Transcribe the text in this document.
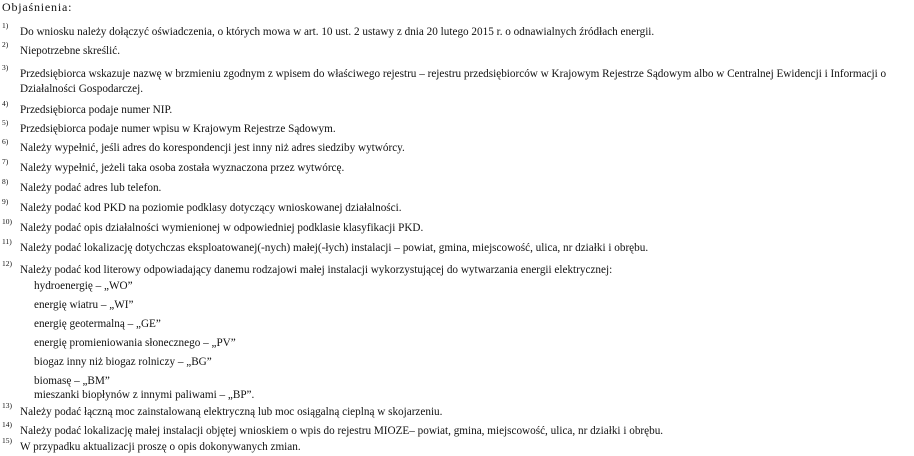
Objaśnienia:
1)
Do wniosku należy dołączyć oświadczenia, o których mowa w art. 10 ust. 2 ustawy z dnia 20 lutego 2015 r. o odnawialnych źródłach energii.
2)
Niepotrzebne skreślić.
3)
Przedsiębiorca wskazuje nazwę w brzmieniu zgodnym z wpisem do właściwego rejestru – rejestru przedsiębiorców w Krajowym Rejestrze Sądowym albo w Centralnej Ewidencji i Informacji o Działalności Gospodarczej.
4)
Przedsiębiorca podaje numer NIP.
5)
Przedsiębiorca podaje numer wpisu w Krajowym Rejestrze Sądowym.
6)
Należy wypełnić, jeśli adres do korespondencji jest inny niż adres siedziby wytwórcy.
7)
Należy wypełnić, jeżeli taka osoba została wyznaczona przez wytwórcę.
8)
Należy podać adres lub telefon.
9)
Należy podać kod PKD na poziomie podklasy dotyczący wnioskowanej działalności.
10)
Należy podać opis działalności wymienionej w odpowiedniej podklasie klasyfikacji PKD.
11)
Należy podać lokalizację dotychczas eksploatowanej(-nych) małej(-łych) instalacji – powiat, gmina, miejscowość, ulica, nr działki i obrębu.
12)
Należy podać kod literowy odpowiadający danemu rodzajowi małej instalacji wykorzystującej do wytwarzania energii elektrycznej:
hydroenergię – „WO”
energię wiatru – „WI”
energię geotermalną – „GE”
energię promieniowania słonecznego – „PV”
biogaz inny niż biogaz rolniczy – „BG”
biomasę – „BM”
mieszanki biopłynów z innymi paliwami – „BP”.
13)
Należy podać łączną moc zainstalowaną elektryczną lub moc osiągalną cieplną w skojarzeniu.
14)
Należy podać lokalizację małej instalacji objętej wnioskiem o wpis do rejestru MIOZE– powiat, gmina, miejscowość, ulica, nr działki i obrębu.
15)
W przypadku aktualizacji proszę o opis dokonywanych zmian.
